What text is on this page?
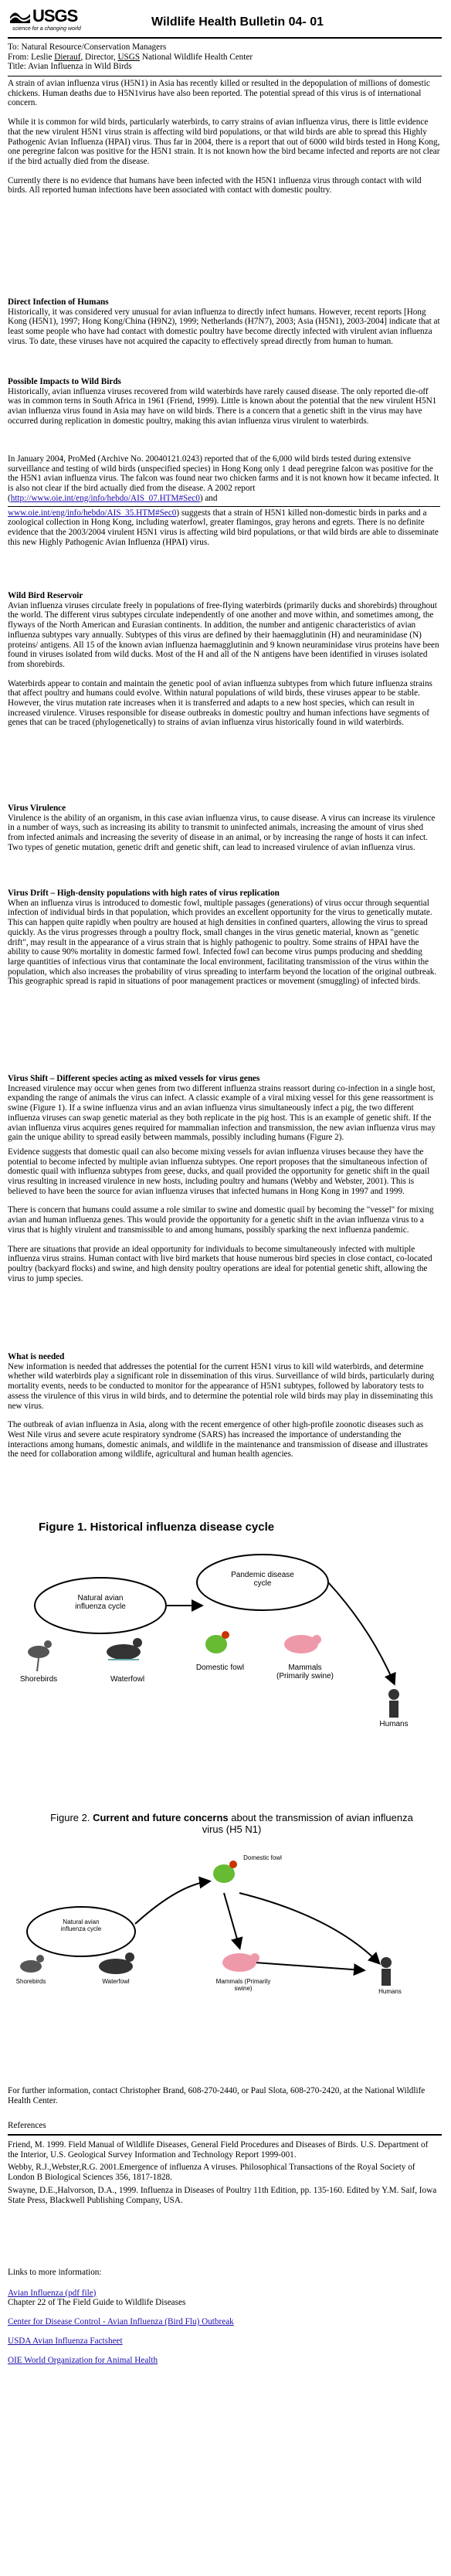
USGS
science for a changing world
Wildlife Health Bulletin 04- 01

To: Natural Resource/Conservation Managers

From: Leslie Dierauf, Director, USGS National Wildlife Health Center

Title: Avian Influenza in Wild Birds

A strain of avian influenza virus (H5N1) in Asia has recently killed or resulted in the depopulation of millions of domestic chickens. Human deaths due to H5N1virus have also been reported. The potential spread of this virus is of international concern.

While it is common for wild birds, particularly waterbirds, to carry strains of avian influenza virus, there is little evidence that the new virulent H5N1 virus strain is affecting wild bird populations, or that wild birds are able to spread this Highly Pathogenic Avian Influenza (HPAI) virus. Thus far in 2004, there is a report that out of 6000 wild birds tested in Hong Kong, one peregrine falcon was positive for the H5N1 strain. It is not known how the bird became infected and reports are not clear if the bird actually died from the disease.

Currently there is no evidence that humans have been infected with the H5N1 influenza virus through contact with wild birds. All reported human infections have been associated with contact with domestic poultry.

Direct Infection of Humans

Historically, it was considered very unusual for avian influenza to directly infect humans. However, recent reports [Hong Kong (H5N1), 1997; Hong Kong/China (H9N2), 1999; Netherlands (H7N7), 2003; Asia (H5N1), 2003-2004] indicate that at least some people who have had contact with domestic poultry have become directly infected with virulent avian influenza virus. To date, these viruses have not acquired the capacity to effectively spread directly from human to human.

Possible Impacts to Wild Birds

Historically, avian influenza viruses recovered from wild waterbirds have rarely caused disease. The only reported die-off was in common terns in South Africa in 1961 (Friend, 1999). Little is known about the potential that the new virulent H5N1 avian influenza virus found in Asia may have on wild birds. There is a concern that a genetic shift in the virus may have occurred during replication in domestic poultry, making this avian influenza virus virulent to waterbirds.

In January 2004, ProMed (Archive No. 20040121.0243) reported that of the 6,000 wild birds tested during extensive surveillance and testing of wild birds (unspecified species) in Hong Kong only 1 dead peregrine falcon was positive for the the H5N1 avian influenza virus. The falcon was found near two chicken farms and it is not known how it became infected. It is also not clear if the bird actually died from the disease. A 2002 report (http://www.oie.int/eng/info/hebdo/AIS_07.HTM#Sec0) and

www.oie.int/eng/info/hebdo/AIS_35.HTM#Sec0) suggests that a strain of H5N1 killed non-domestic birds in parks and a zoological collection in Hong Kong, including waterfowl, greater flamingos, gray herons and egrets. There is no definite evidence that the 2003/2004 virulent H5N1 virus is affecting wild bird populations, or that wild birds are able to disseminate this new Highly Pathogenic Avian Influenza (HPAI) virus.

Wild Bird Reservoir

Avian influenza viruses circulate freely in populations of free-flying waterbirds (primarily ducks and shorebirds) throughout the world. The different virus subtypes circulate independently of one another and move within, and sometimes among, the flyways of the North American and Eurasian continents. In addition, the number and antigenic characteristics of avian influenza subtypes vary annually. Subtypes of this virus are defined by their haemagglutinin (H) and neuraminidase (N) proteins/ antigens. All 15 of the known avian influenza haemagglutinin and 9 known neuraminidase virus proteins have been found in viruses isolated from wild ducks. Most of the H and all of the N antigens have been identified in viruses isolated from shorebirds.

Waterbirds appear to contain and maintain the genetic pool of avian influenza subtypes from which future influenza strains that affect poultry and humans could evolve. Within natural populations of wild birds, these viruses appear to be stable. However, the virus mutation rate increases when it is transferred and adapts to a new host species, which can result in increased virulence. Viruses responsible for disease outbreaks in domestic poultry and human infections have segments of genes that can be traced (phylogenetically) to strains of avian influenza virus historically found in wild waterbirds.

Virus Virulence

Virulence is the ability of an organism, in this case avian influenza virus, to cause disease. A virus can increase its virulence in a number of ways, such as increasing its ability to transmit to uninfected animals, increasing the amount of virus shed from infected animals and increasing the severity of disease in an animal, or by increasing the range of hosts it can infect. Two types of genetic mutation, genetic drift and genetic shift, can lead to increased virulence of avian influenza virus.

Virus Drift – High-density populations with high rates of virus replication

When an influenza virus is introduced to domestic fowl, multiple passages (generations) of virus occur through sequential infection of individual birds in that population, which provides an excellent opportunity for the virus to genetically mutate. This can happen quite rapidly when poultry are housed at high densities in confined quarters, allowing the virus to spread quickly. As the virus progresses through a poultry flock, small changes in the virus genetic material, known as "genetic drift", may result in the appearance of a virus strain that is highly pathogenic to poultry. Some strains of HPAI have the ability to cause 90% mortality in domestic farmed fowl. Infected fowl can become virus pumps producing and shedding large quantities of infectious virus that contaminate the local environment, facilitating transmission of the virus within the population, which also increases the probability of virus spreading to interfarm beyond the location of the original outbreak. This geographic spread is rapid in situations of poor management practices or movement (smuggling) of infected birds.

Virus Shift – Different species acting as mixed vessels for virus genes

Increased virulence may occur when genes from two different influenza strains reassort during co-infection in a single host, expanding the range of animals the virus can infect. A classic example of a viral mixing vessel for this gene reassortment is swine (Figure 1). If a swine influenza virus and an avian influenza virus simultaneously infect a pig, the two different influenza viruses can swap genetic material as they both replicate in the pig host. This is an example of genetic shift. If the avian influenza virus acquires genes required for mammalian infection and transmission, the new avian influenza virus may gain the unique ability to spread easily between mammals, possibly including humans (Figure 2).

Evidence suggests that domestic quail can also become mixing vessels for avian influenza viruses because they have the potential to become infected by multiple avian influenza subtypes. One report proposes that the simultaneous infection of domestic quail with influenza subtypes from geese, ducks, and quail provided the opportunity for genetic shift in the quail virus resulting in increased virulence in new hosts, including poultry and humans (Webby and Webster, 2001). This is believed to have been the source for avian influenza viruses that infected humans in Hong Kong in 1997 and 1999.

There is concern that humans could assume a role similar to swine and domestic quail by becoming the "vessel" for mixing avian and human influenza genes. This would provide the opportunity for a genetic shift in the avian influenza virus to a virus that is highly virulent and transmissible to and among humans, possibly sparking the next influenza pandemic.

There are situations that provide an ideal opportunity for individuals to become simultaneously infected with multiple influenza virus strains. Human contact with live bird markets that house numerous bird species in close contact, co-located poultry (backyard flocks) and swine, and high density poultry operations are ideal for potential genetic shift, allowing the virus to jump species.

What is needed

New information is needed that addresses the potential for the current H5N1 virus to kill wild waterbirds, and determine whether wild waterbirds play a significant role in dissemination of this virus. Surveillance of wild birds, particularly during mortality events, needs to be conducted to monitor for the appearance of H5N1 subtypes, followed by laboratory tests to assess the virulence of this virus in wild birds, and to determine the potential role wild birds may play in disseminating this new virus.

The outbreak of avian influenza in Asia, along with the recent emergence of other high-profile zoonotic diseases such as West Nile virus and severe acute respiratory syndrome (SARS) has increased the importance of understanding the interactions among humans, domestic animals, and wildlife in the maintenance and transmission of disease and illustrates the need for collaboration among wildlife, agricultural and human health agencies.

Figure 1. Historical influenza disease cycle
Natural avian influenza cycle
Pandemic disease cycle
Shorebirds	Waterfowl
Domestic fowl	Mammals (Primarily swine)
Humans
Figure 2. Current and future concerns about the transmission of avian influenza virus (H5 N1)
Natural avian influenza cycle
Domestic fowl
Shorebirds	Waterfowl	Mammals (Primarily swine)	Humans
For further information, contact Christopher Brand, 608-270-2440, or Paul Slota, 608-270-2420, at the National Wildlife Health Center.
References

Friend, M. 1999. Field Manual of Wildlife Diseases, General Field Procedures and Diseases of Birds. U.S. Department of the Interior, U.S. Geological Survey Information and Technology Report 1999-001.

Webby, R.J.,Webster,R.G. 2001.Emergence of influenza A viruses. Philosophical Transactions of the Royal Society of London B Biological Sciences 356, 1817-1828.

Swayne, D.E.,Halvorson, D.A., 1999. Influenza in Diseases of Poultry 11th Edition, pp. 135-160. Edited by Y.M. Saif, Iowa State Press, Blackwell Publishing Company, USA.

Links to more information:

Avian Influenza (pdf file)

Chapter 22 of The Field Guide to Wildlife Diseases

Center for Disease Control - Avian Influenza (Bird Flu) Outbreak

USDA Avian Influenza Factsheet

OIE World Organization for Animal Health
